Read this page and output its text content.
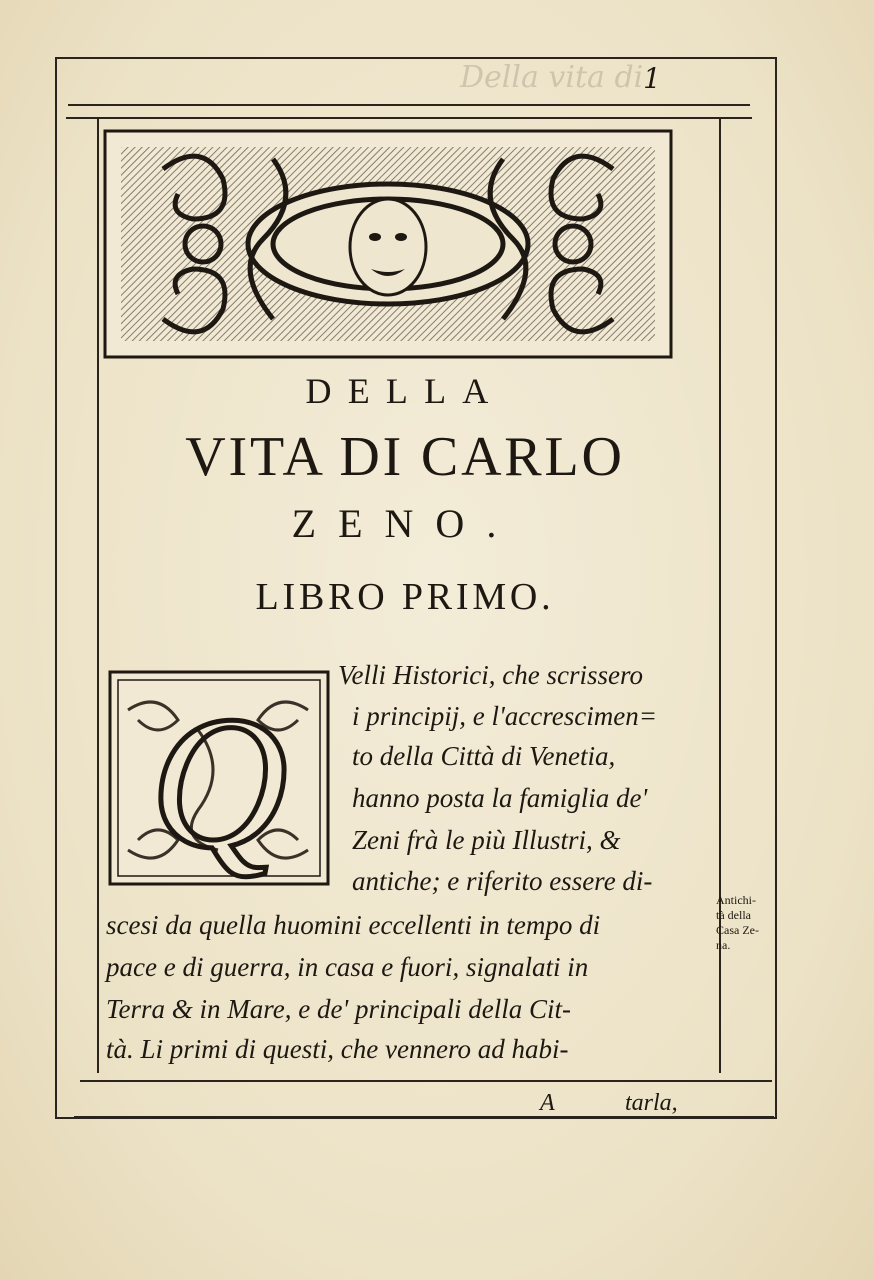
Della vita di 1
DELLA
VITA DI CARLO
ZENO.
LIBRO PRIMO.
Q
Velli Historici, che scrissero
i principij, e l'accrescimen=
to della Città di Venetia,
hanno posta la famiglia de'
Zeni frà le più Illustri, &
antiche; e riferito essere di-
scesi da quella huomini eccellenti in tempo di
pace e di guerra, in casa e fuori, signalati in
Terra & in Mare, e de' principali della Cit-
tà. Li primi di questi, che vennero ad habi-
Antichi-
tà della
Casa Ze-
na.
A	tarla,
